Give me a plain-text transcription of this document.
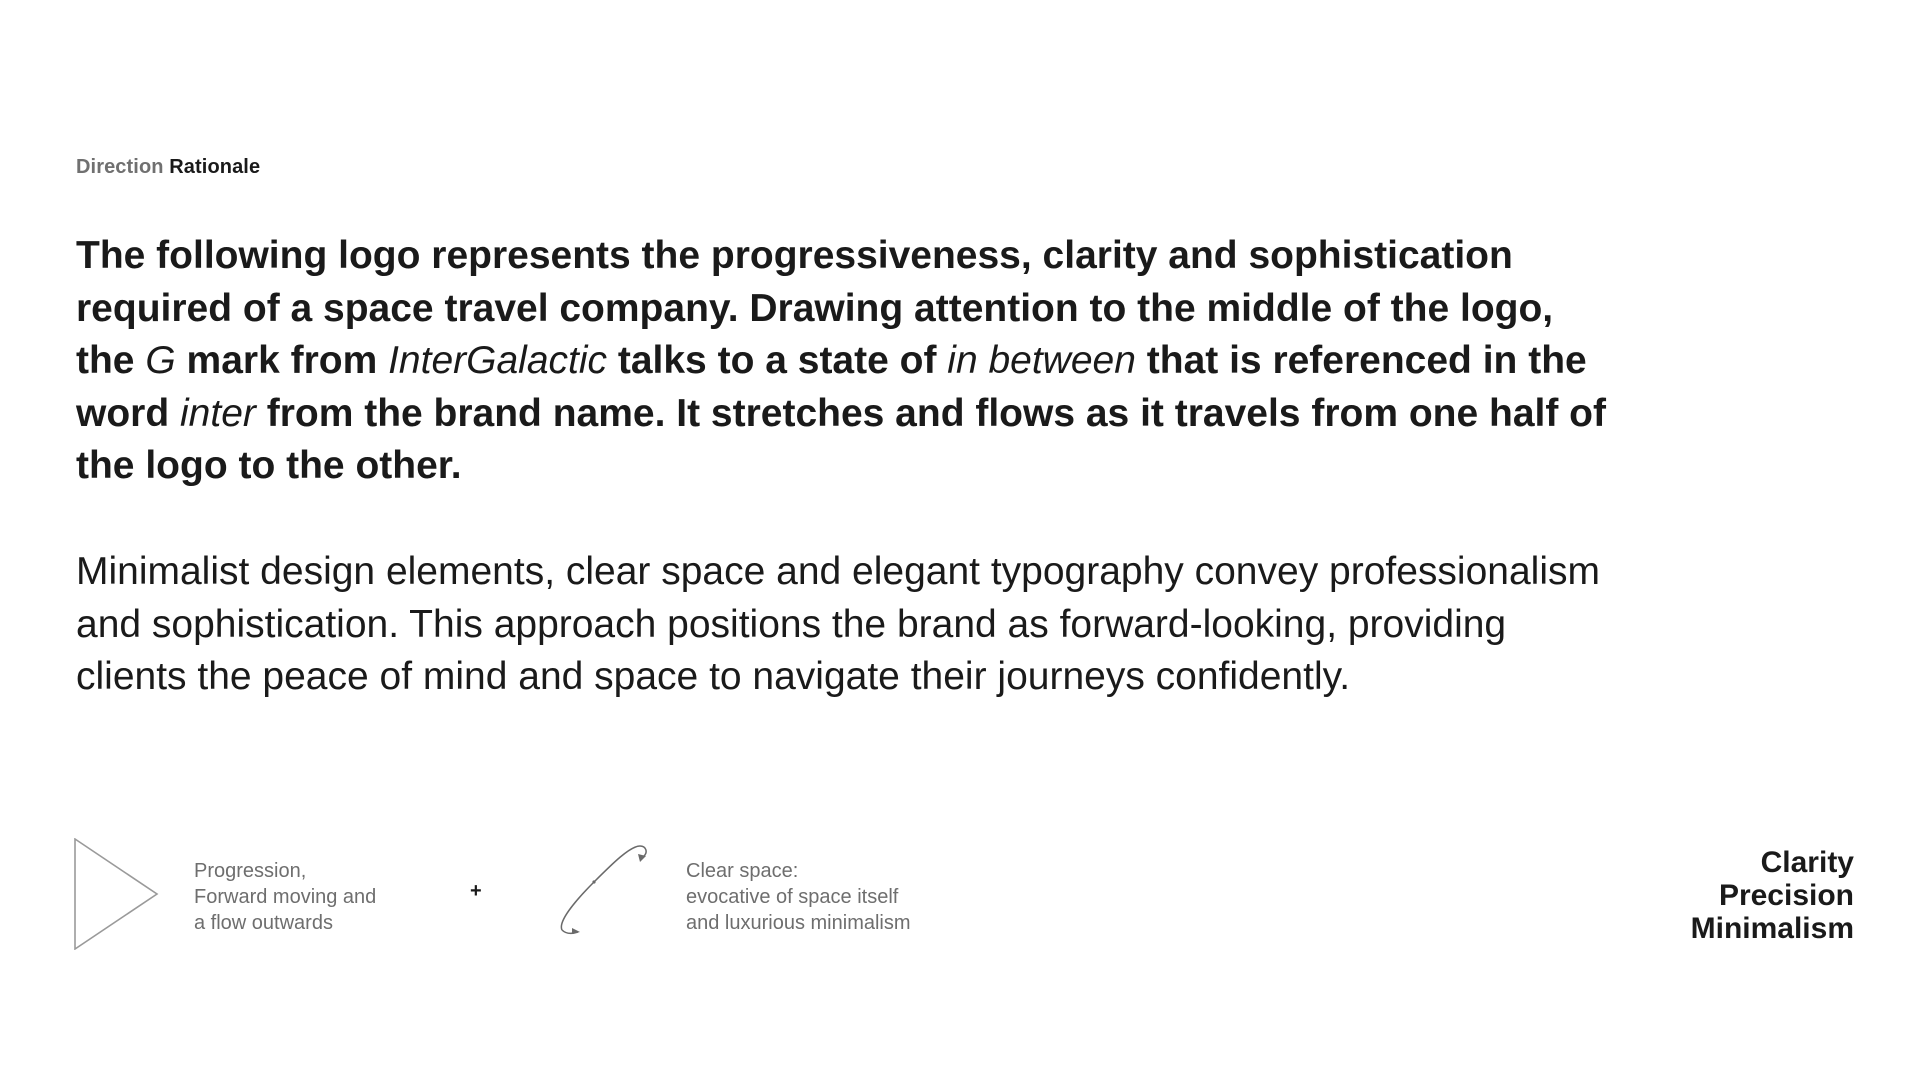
Direction Rationale

The following logo represents the progressiveness, clarity and sophistication required of a space travel company. Drawing attention to the middle of the logo, the G mark from InterGalactic talks to a state of in between that is referenced in the word inter from the brand name. It stretches and flows as it travels from one half of the logo to the other.

Minimalist design elements, clear space and elegant typography convey professionalism and sophistication. This approach positions the brand as forward-looking, providing clients the peace of mind and space to navigate their journeys confidently.

Progression,
Forward moving and
a flow outwards
+
Clear space:
evocative of space itself
and luxurious minimalism
Clarity
Precision
Minimalism
